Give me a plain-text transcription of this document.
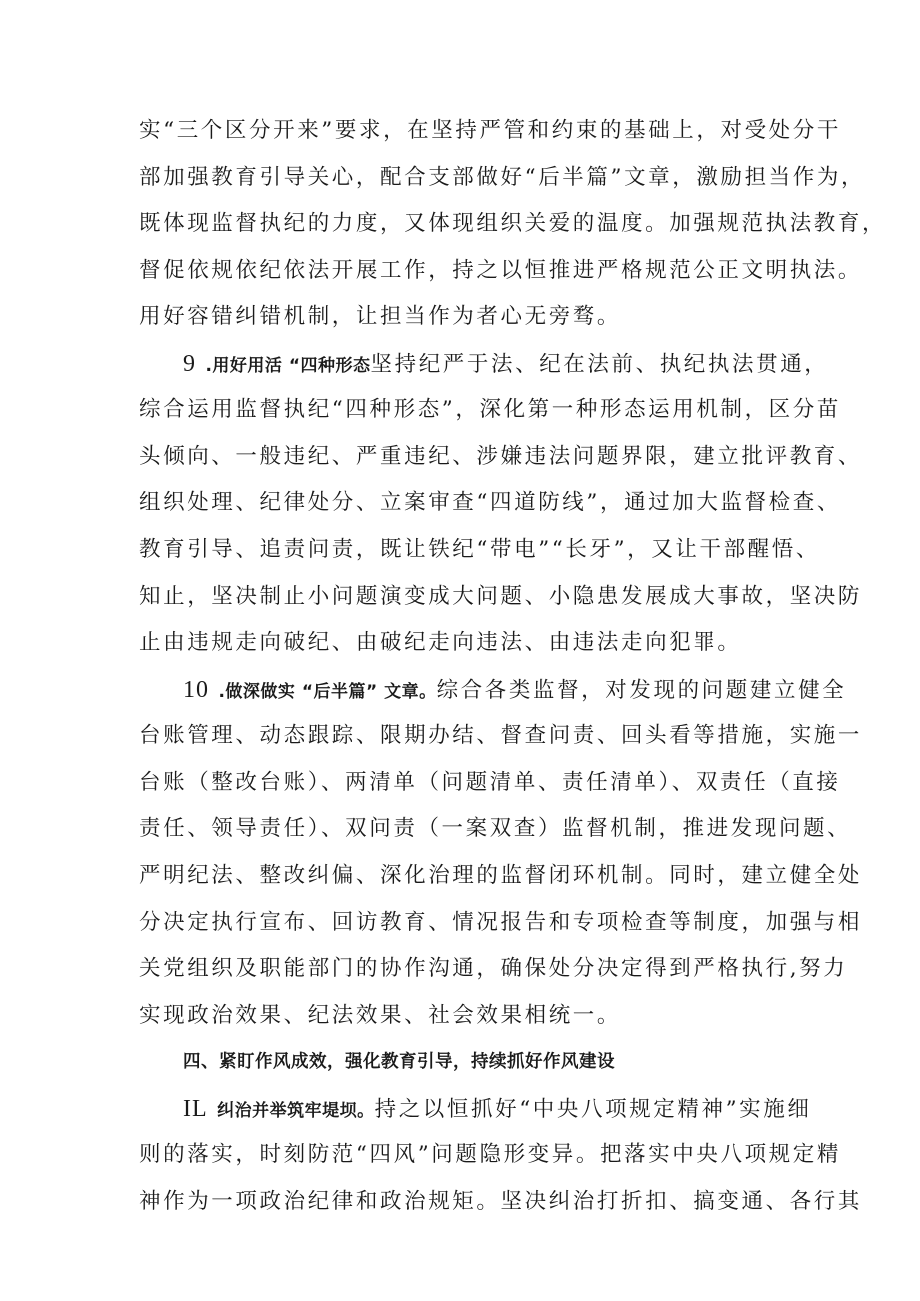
实“三个区分开来”要求，在坚持严管和约束的基础上，对受处分干
部加强教育引导关心，配合支部做好“后半篇”文章，激励担当作为，
既体现监督执纪的力度，又体现组织关爱的温度。加强规范执法教育，
督促依规依纪依法开展工作，持之以恒推进严格规范公正文明执法。
用好容错纠错机制，让担当作为者心无旁骛。
9 .用好用活 “四种形态坚持纪严于法、纪在法前、执纪执法贯通，
综合运用监督执纪“四种形态”，深化第一种形态运用机制，区分苗
头倾向、一般违纪、严重违纪、涉嫌违法问题界限，建立批评教育、
组织处理、纪律处分、立案审查“四道防线”，通过加大监督检查、
教育引导、追责问责，既让铁纪“带电”“长牙”，又让干部醒悟、
知止，坚决制止小问题演变成大问题、小隐患发展成大事故，坚决防
止由违规走向破纪、由破纪走向违法、由违法走向犯罪。
10 .做深做实 “后半篇” 文章。综合各类监督，对发现的问题建立健全
台账管理、动态跟踪、限期办结、督查问责、回头看等措施，实施一
台账（整改台账）、两清单（问题清单、责任清单）、双责任（直接
责任、领导责任）、双问责（一案双查）监督机制，推进发现问题、
严明纪法、整改纠偏、深化治理的监督闭环机制。同时，建立健全处
分决定执行宣布、回访教育、情况报告和专项检查等制度，加强与相
关党组织及职能部门的协作沟通，确保处分决定得到严格执行,努力
实现政治效果、纪法效果、社会效果相统一。
四、紧盯作风成效，强化教育引导，持续抓好作风建设
IL 纠治并举筑牢堤坝。持之以恒抓好“中央八项规定精神”实施细
则的落实，时刻防范“四风”问题隐形变异。把落实中央八项规定精
神作为一项政治纪律和政治规矩。坚决纠治打折扣、搞变通、各行其
